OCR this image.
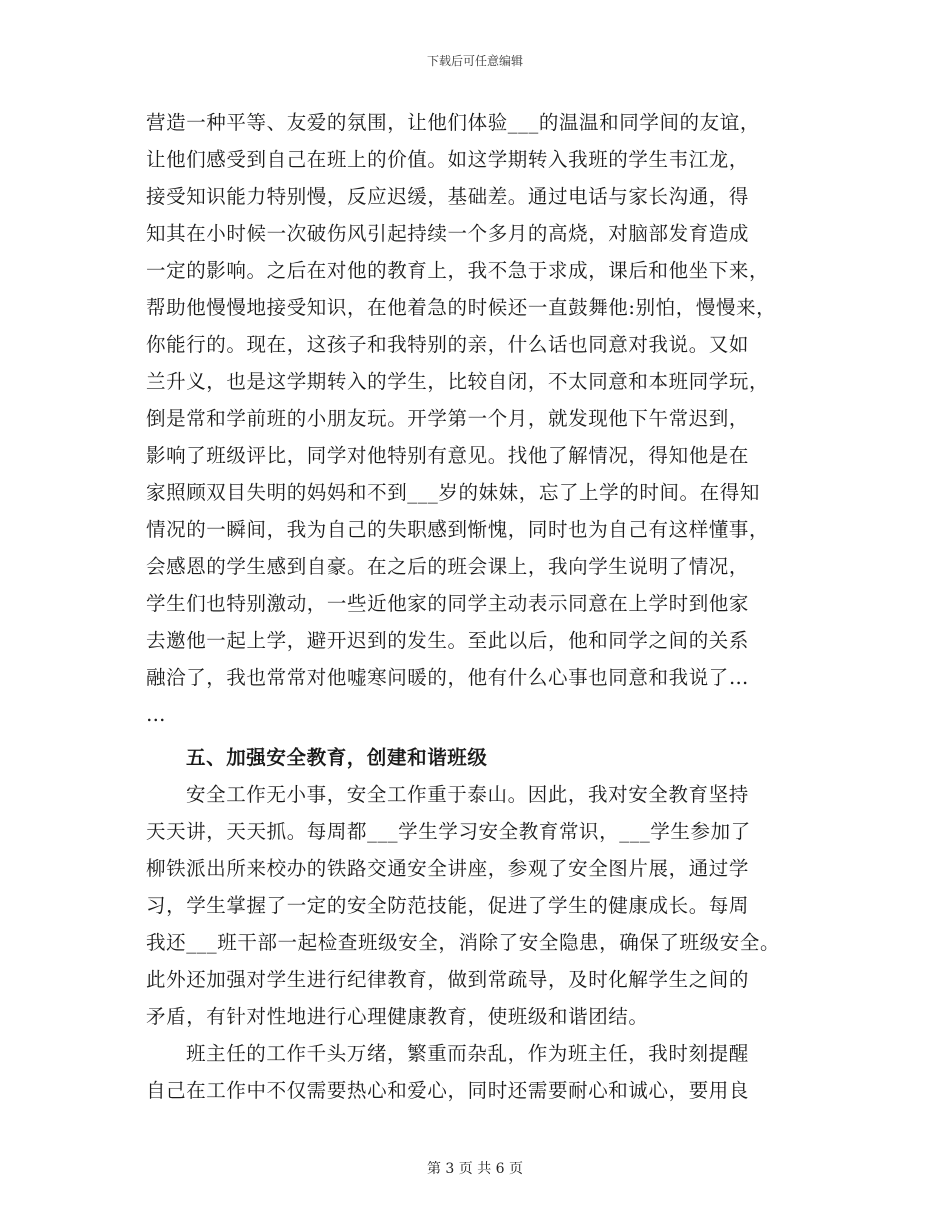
下载后可任意编辑
营造一种平等、友爱的氛围，让他们体验___的温温和同学间的友谊，
让他们感受到自己在班上的价值。如这学期转入我班的学生韦江龙，
接受知识能力特别慢，反应迟缓，基础差。通过电话与家长沟通，得
知其在小时候一次破伤风引起持续一个多月的高烧，对脑部发育造成
一定的影响。之后在对他的教育上，我不急于求成，课后和他坐下来，
帮助他慢慢地接受知识，在他着急的时候还一直鼓舞他:别怕，慢慢来，
你能行的。现在，这孩子和我特别的亲，什么话也同意对我说。又如
兰升义，也是这学期转入的学生，比较自闭，不太同意和本班同学玩，
倒是常和学前班的小朋友玩。开学第一个月，就发现他下午常迟到，
影响了班级评比，同学对他特别有意见。找他了解情况，得知他是在
家照顾双目失明的妈妈和不到___岁的妹妹，忘了上学的时间。在得知
情况的一瞬间，我为自己的失职感到惭愧，同时也为自己有这样懂事，
会感恩的学生感到自豪。在之后的班会课上，我向学生说明了情况，
学生们也特别激动，一些近他家的同学主动表示同意在上学时到他家
去邀他一起上学，避开迟到的发生。至此以后，他和同学之间的关系
融洽了，我也常常对他嘘寒问暖的，他有什么心事也同意和我说了…
…
五、加强安全教育，创建和谐班级
安全工作无小事，安全工作重于泰山。因此，我对安全教育坚持
天天讲，天天抓。每周都___学生学习安全教育常识，___学生参加了
柳铁派出所来校办的铁路交通安全讲座，参观了安全图片展，通过学
习，学生掌握了一定的安全防范技能，促进了学生的健康成长。每周
我还___班干部一起检查班级安全，消除了安全隐患，确保了班级安全。
此外还加强对学生进行纪律教育，做到常疏导，及时化解学生之间的
矛盾，有针对性地进行心理健康教育，使班级和谐团结。
班主任的工作千头万绪，繁重而杂乱，作为班主任，我时刻提醒
自己在工作中不仅需要热心和爱心，同时还需要耐心和诚心，要用良
第 3 页 共 6 页
